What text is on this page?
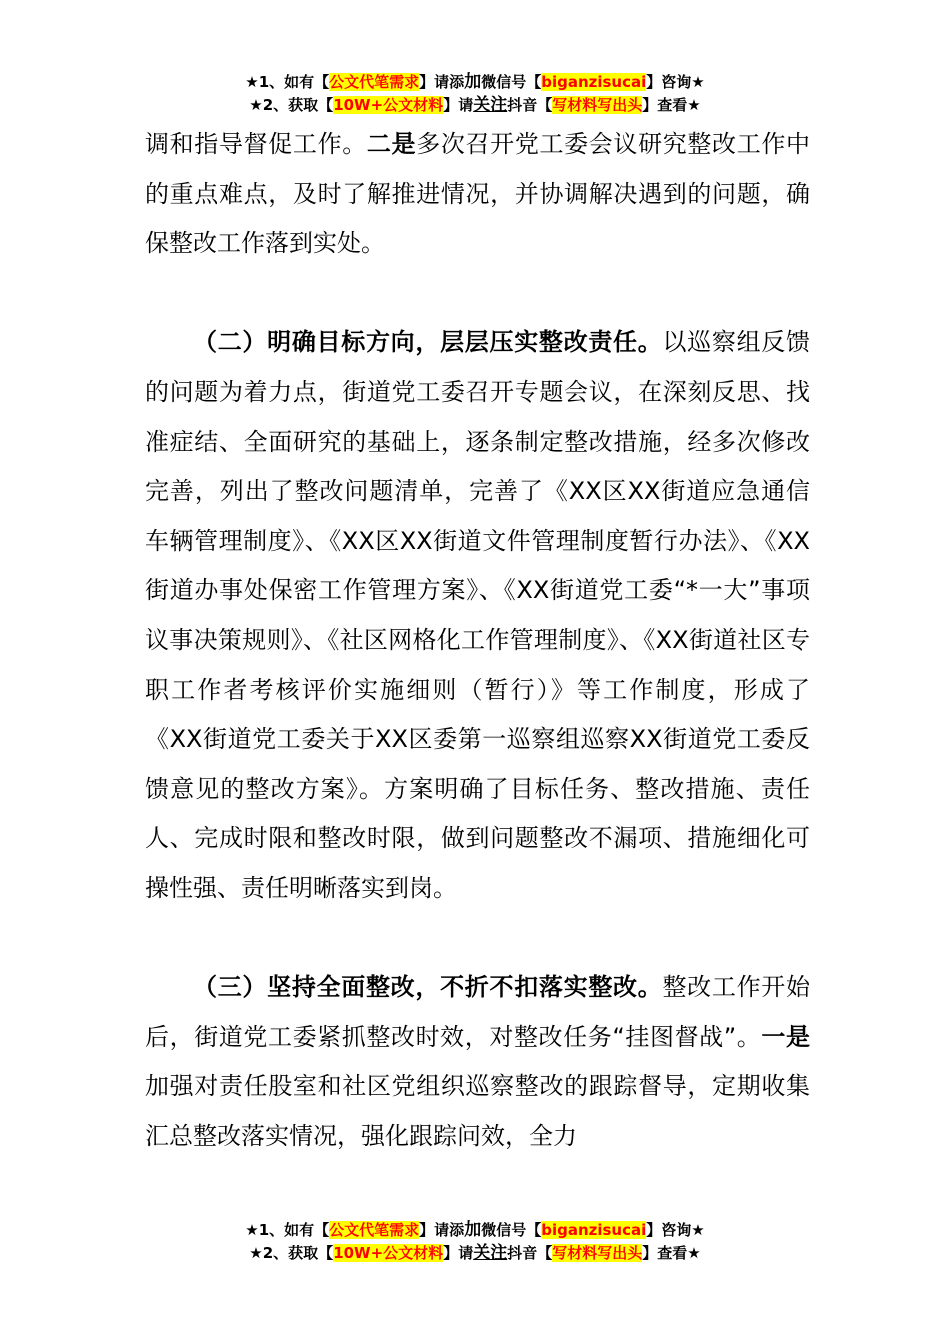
★1、如有【公文代笔需求】请添加微信号【biganzisucai】咨询★
★2、获取【10W+公文材料】请关注抖音【写材料写出头】查看★

调和指导督促工作。二是多次召开党工委会议研究整改工作中的重点难点，及时了解推进情况，并协调解决遇到的问题，确保整改工作落到实处。

（二）明确目标方向，层层压实整改责任。以巡察组反馈的问题为着力点，街道党工委召开专题会议，在深刻反思、找准症结、全面研究的基础上，逐条制定整改措施，经多次修改完善，列出了整改问题清单，完善了《XX区XX街道应急通信车辆管理制度》、《XX区XX街道文件管理制度暂行办法》、《XX街道办事处保密工作管理方案》、《XX街道党工委“*一大”事项议事决策规则》、《社区网格化工作管理制度》、《XX街道社区专职工作者考核评价实施细则（暂行）》等工作制度，形成了《XX街道党工委关于XX区委第一巡察组巡察XX街道党工委反馈意见的整改方案》。方案明确了目标任务、整改措施、责任人、完成时限和整改时限，做到问题整改不漏项、措施细化可操性强、责任明晰落实到岗。

（三）坚持全面整改，不折不扣落实整改。整改工作开始后，街道党工委紧抓整改时效，对整改任务“挂图督战”。一是加强对责任股室和社区党组织巡察整改的跟踪督导，定期收集汇总整改落实情况，强化跟踪问效，全力

★1、如有【公文代笔需求】请添加微信号【biganzisucai】咨询★
★2、获取【10W+公文材料】请关注抖音【写材料写出头】查看★
